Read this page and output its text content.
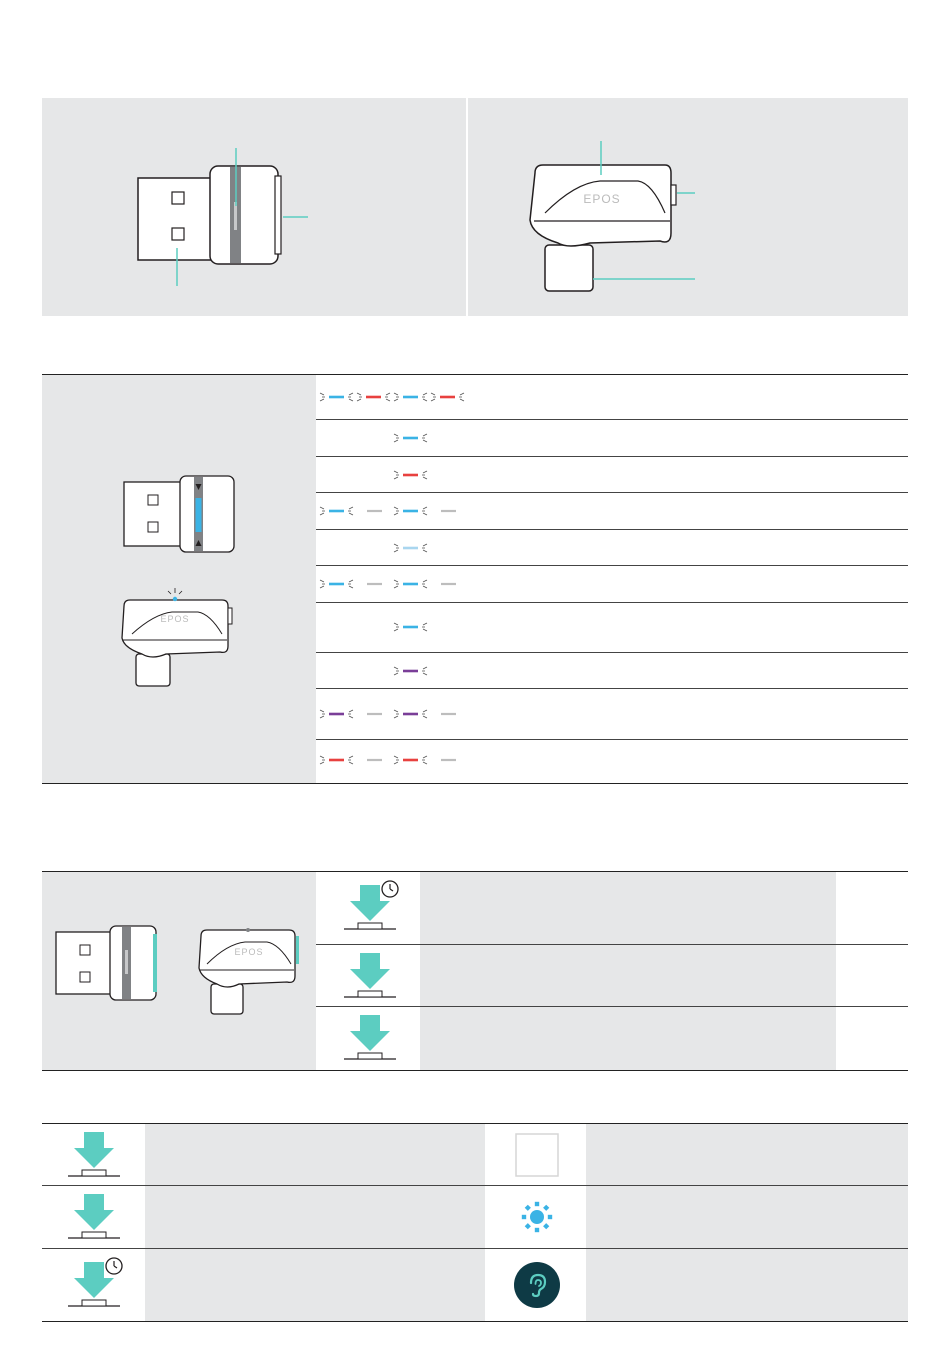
EPOS
EPOS
EPOS
